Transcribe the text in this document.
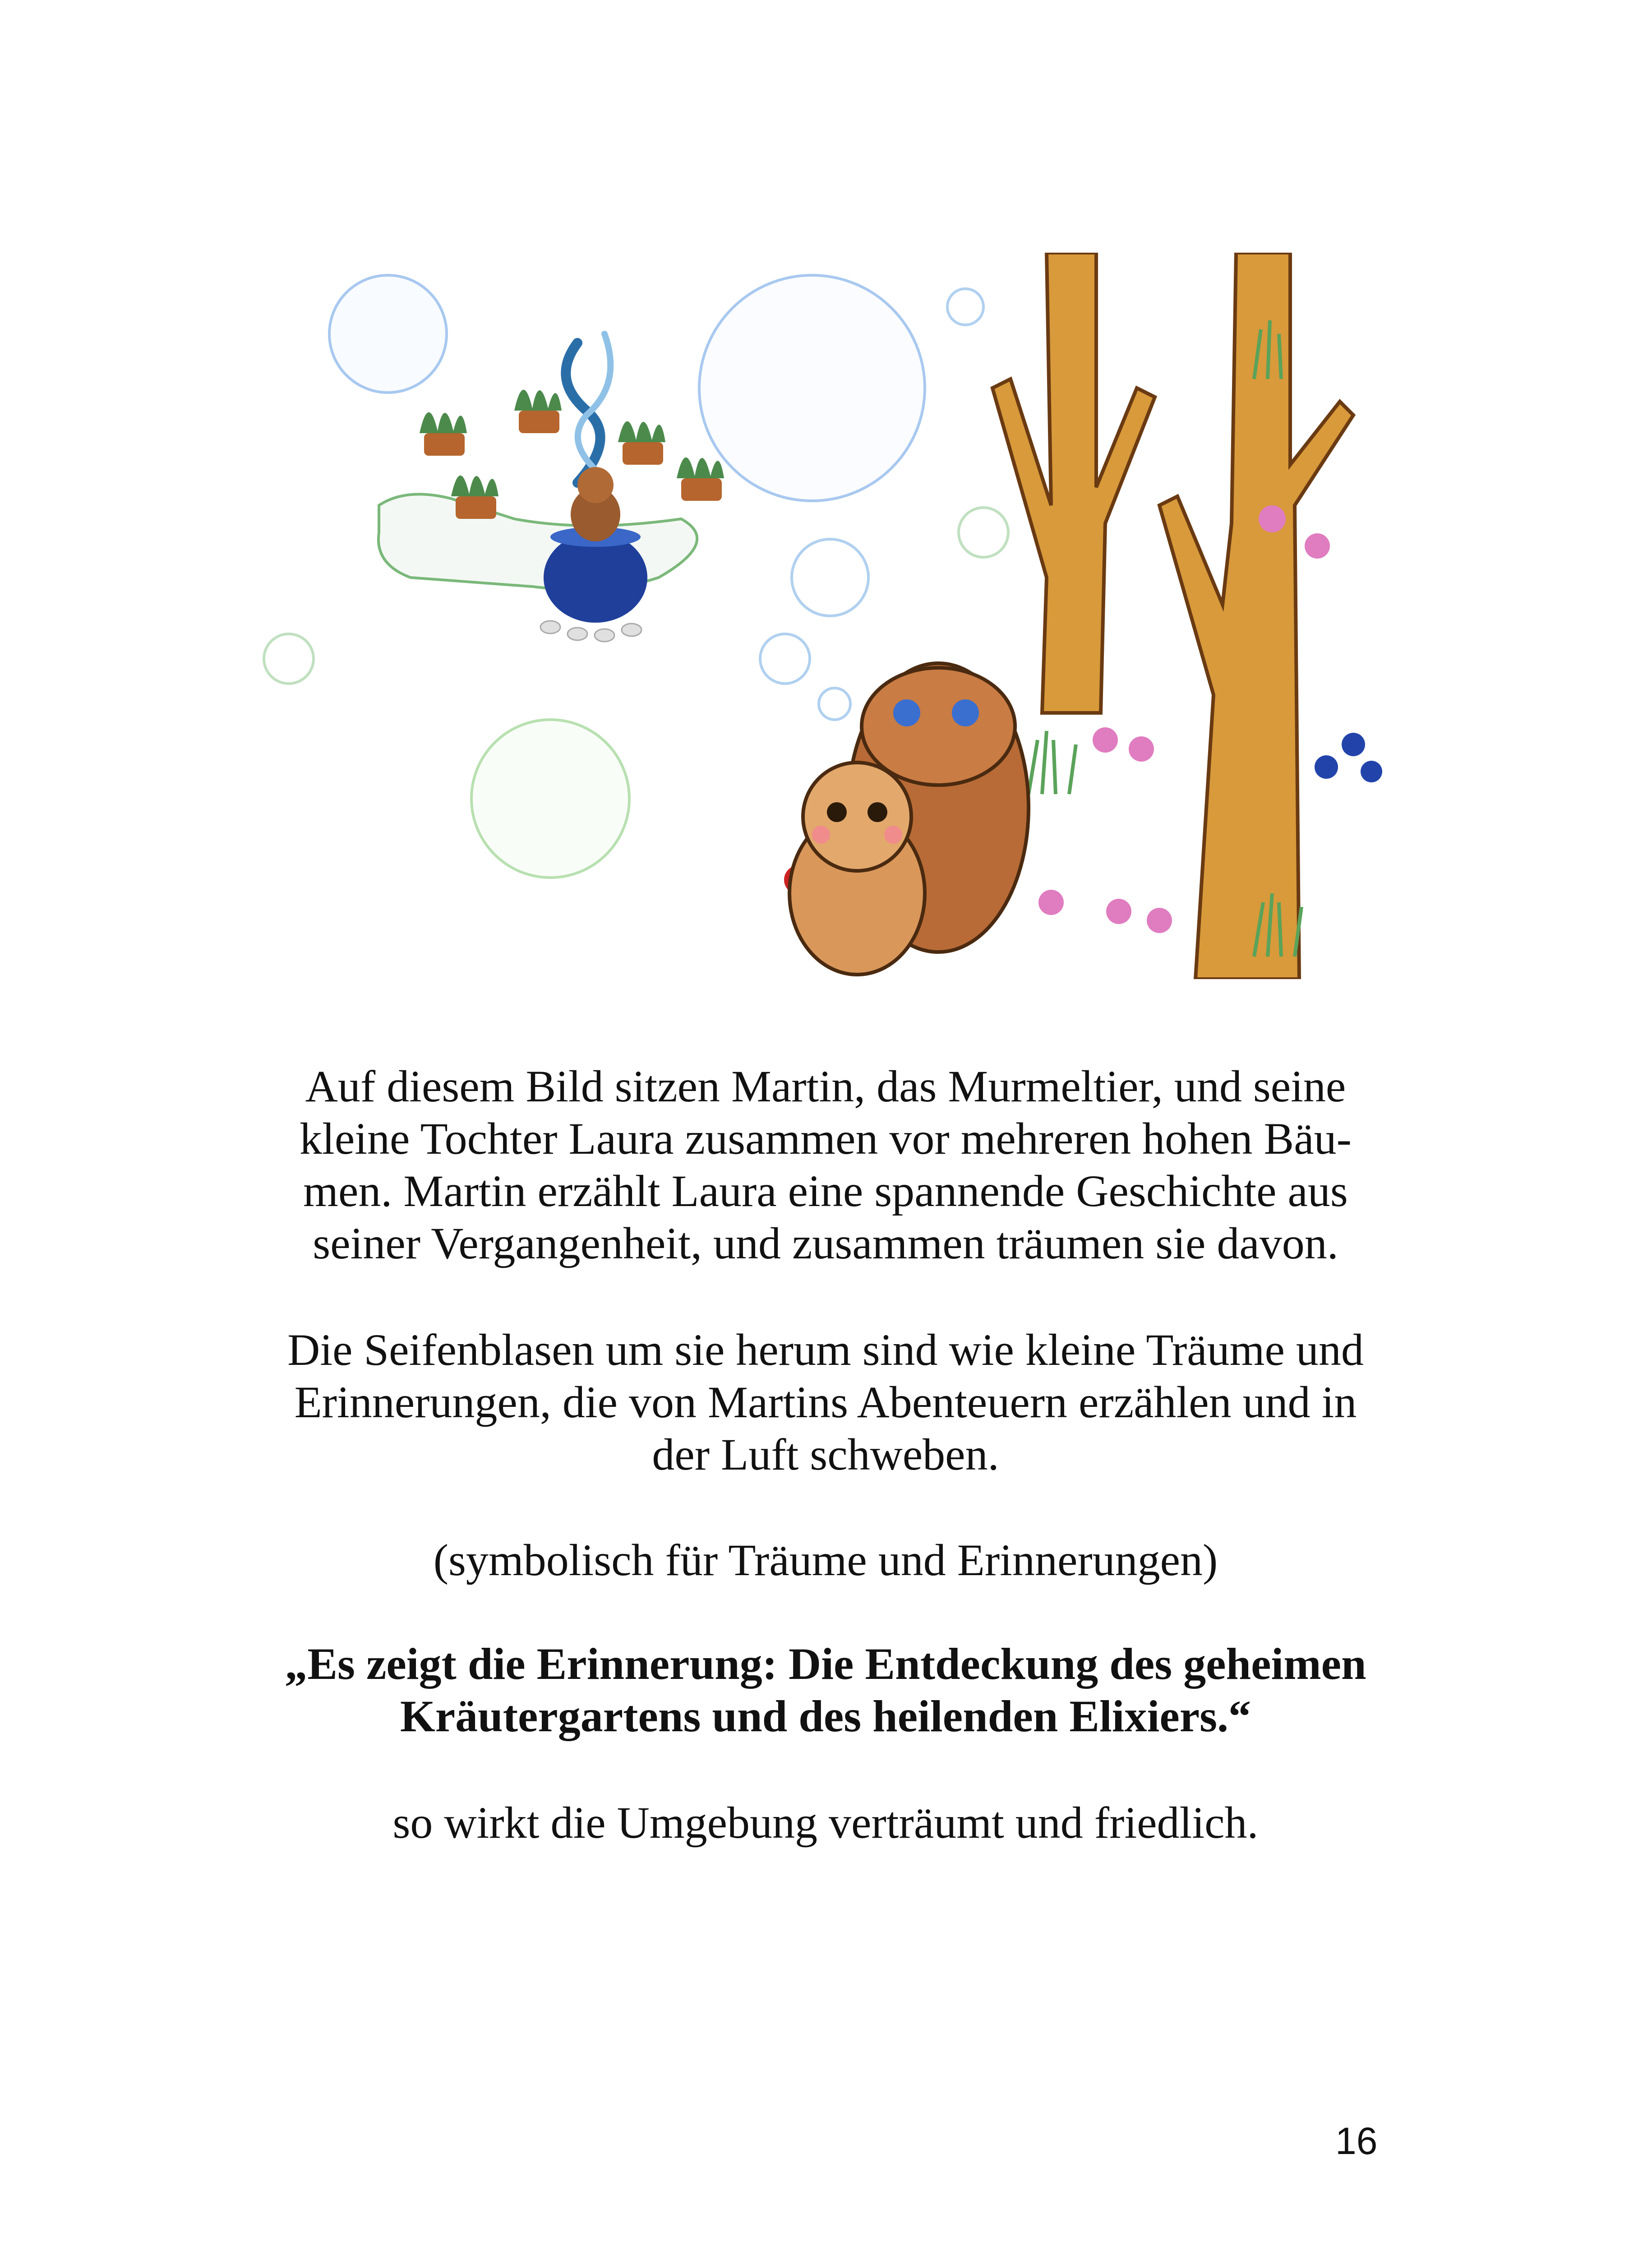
Auf diesem Bild sitzen Martin, das Murmeltier, und seine
kleine Tochter Laura zusammen vor mehreren hohen Bäu-
men. Martin erzählt Laura eine spannende Geschichte aus
seiner Vergangenheit, und zusammen träumen sie davon.

Die Seifenblasen um sie herum sind wie kleine Träume und
Erinnerungen, die von Martins Abenteuern erzählen und in
der Luft schweben.

(symbolisch für Träume und Erinnerungen)

„Es zeigt die Erinnerung: Die Entdeckung des geheimen
Kräutergartens und des heilenden Elixiers.“

so wirkt die Umgebung verträumt und friedlich.

16
